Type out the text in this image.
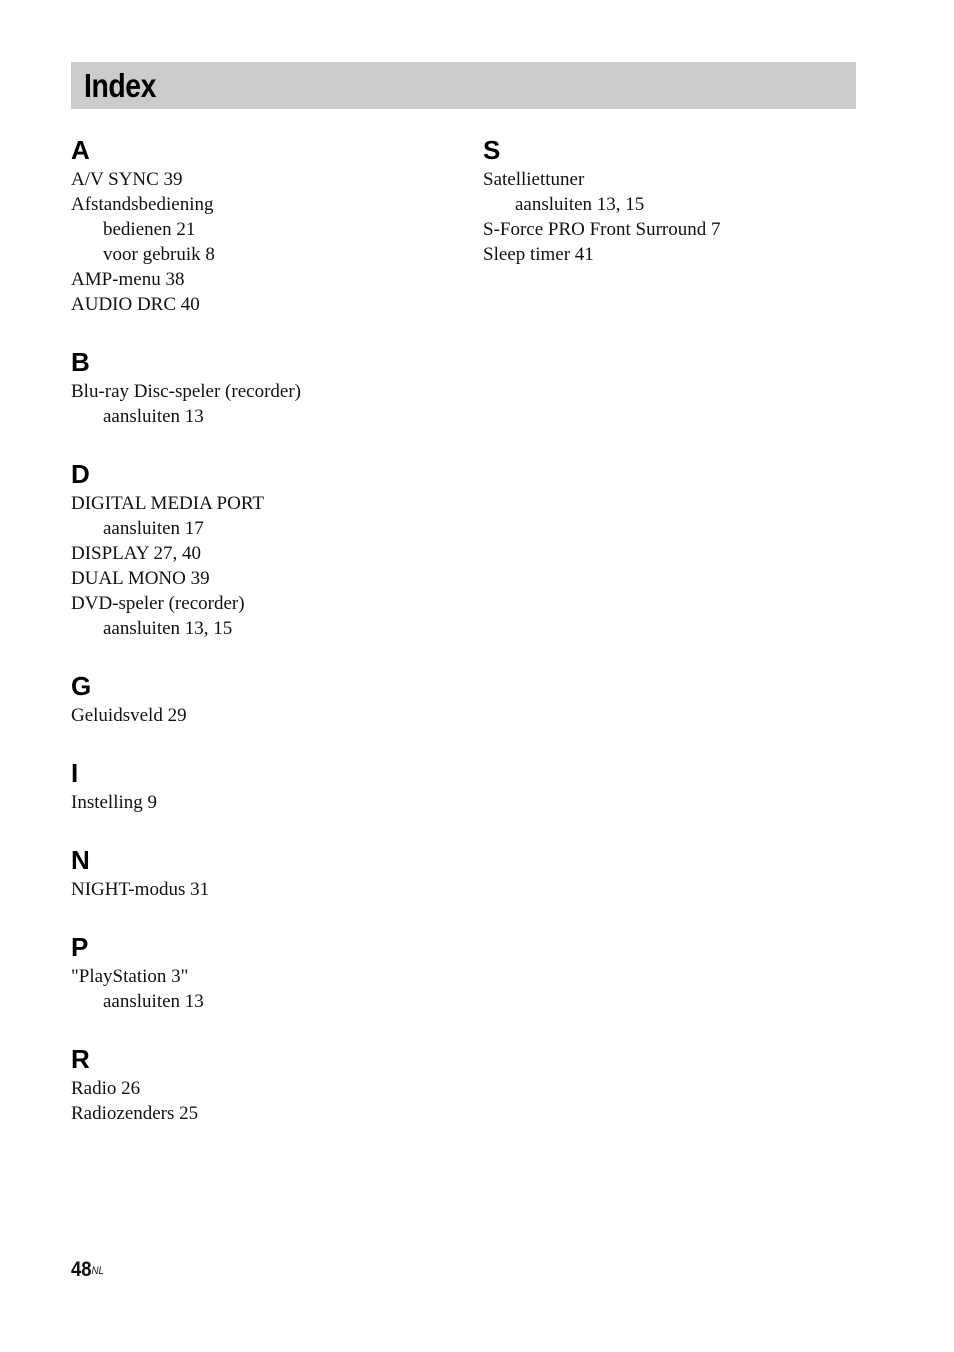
Index
A
A/V SYNC 39
Afstandsbediening
bedienen 21
voor gebruik 8
AMP-menu 38
AUDIO DRC 40
B
Blu-ray Disc-speler (recorder)
aansluiten 13
D
DIGITAL MEDIA PORT
aansluiten 17
DISPLAY 27, 40
DUAL MONO 39
DVD-speler (recorder)
aansluiten 13, 15
G
Geluidsveld 29
I
Instelling 9
N
NIGHT-modus 31
P
"PlayStation 3"
aansluiten 13
R
Radio 26
Radiozenders 25
S
Satelliettuner
aansluiten 13, 15
S-Force PRO Front Surround 7
Sleep timer 41
$48^{NL}$
